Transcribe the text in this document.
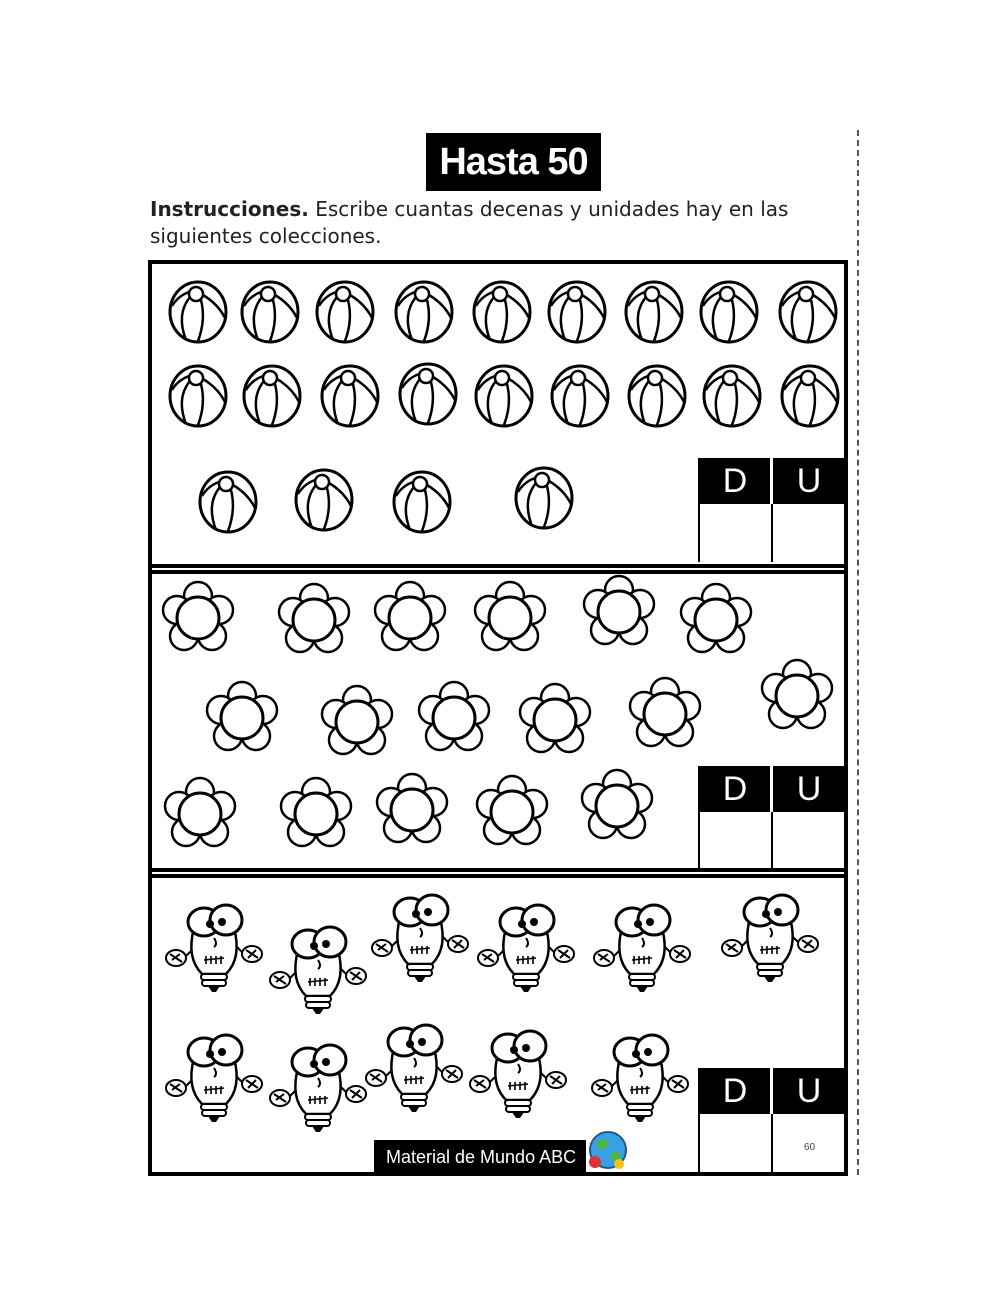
Hasta 50
Instrucciones. Escribe cuantas decenas y unidades hay en las siguientes colecciones.
D	U
D	U
D	U
60
Material de Mundo ABC
